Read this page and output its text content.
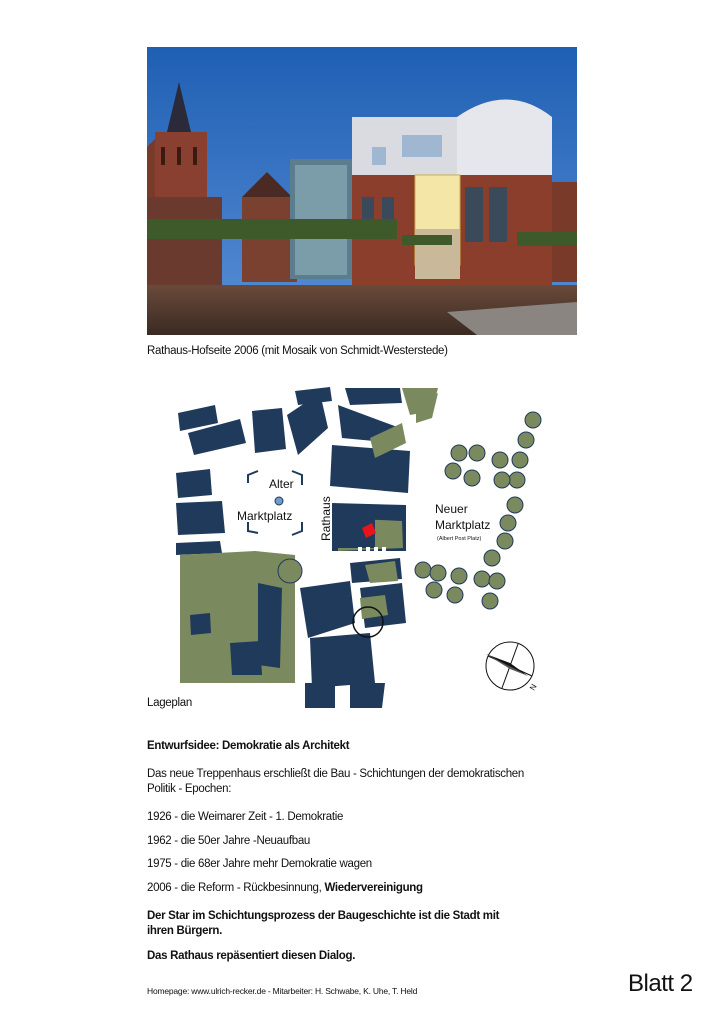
Rathaus-Hofseite 2006 (mit Mosaik von Schmidt-Westerstede)
Alter
Marktplatz Rathaus	Neuer
Marktplatz
(Albert Post Platz)
N
Lageplan
Entwurfsidee: Demokratie als Architekt
Das neue Treppenhaus erschließt die Bau - Schichtungen der demokratischen
Politik - Epochen:
1926 - die Weimarer Zeit - 1. Demokratie
1962 - die 50er Jahre -Neuaufbau
1975 - die 68er Jahre mehr Demokratie wagen
2006 - die Reform - Rückbesinnung, Wiedervereinigung
Der Star im Schichtungsprozess der Baugeschichte ist die Stadt mit
ihren Bürgern.
Das Rathaus repäsentiert diesen Dialog.
Homepage: www.ulrich-recker.de - Mitarbeiter: H. Schwabe, K. Uhe, T. Held	Blatt 2
